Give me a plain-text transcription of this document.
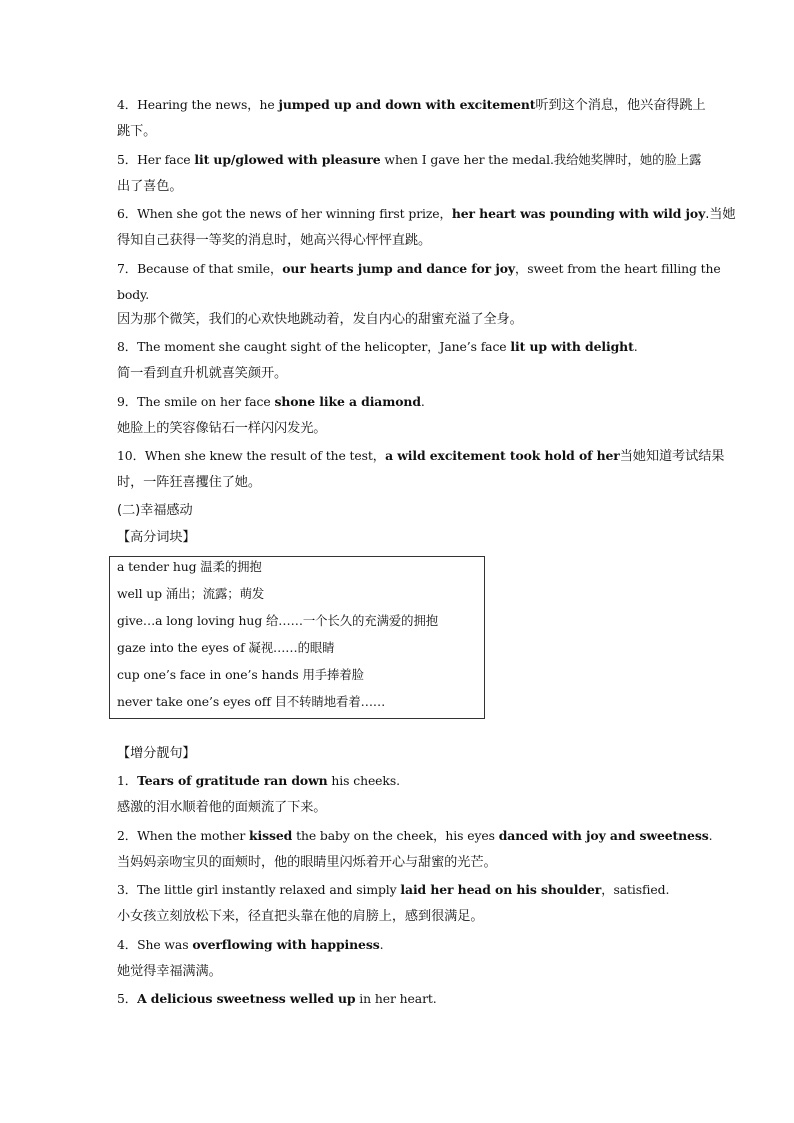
4．Hearing the news，he jumped up and down with excitement听到这个消息，他兴奋得跳上
跳下。
5．Her face lit up/glowed with pleasure when I gave her the medal.我给她奖牌时，她的脸上露
出了喜色。
6．When she got the news of her winning first prize，her heart was pounding with wild joy.当她
得知自己获得一等奖的消息时，她高兴得心怦怦直跳。
7．Because of that smile，our hearts jump and dance for joy，sweet from the heart filling the
body.
因为那个微笑，我们的心欢快地跳动着，发自内心的甜蜜充溢了全身。
8．The moment she caught sight of the helicopter，Jane’s face lit up with delight.
简一看到直升机就喜笑颜开。
9．The smile on her face shone like a diamond.
她脸上的笑容像钻石一样闪闪发光。
10．When she knew the result of the test，a wild excitement took hold of her当她知道考试结果
时，一阵狂喜攫住了她。
(二)幸福感动
【高分词块】
a tender hug 温柔的拥抱
well up 涌出；流露；萌发
give…a long loving hug 给……一个长久的充满爱的拥抱
gaze into the eyes of 凝视……的眼睛
cup one’s face in one’s hands 用手捧着脸
never take one’s eyes off 目不转睛地看着……
【增分靓句】
1．Tears of gratitude ran down his cheeks.
感激的泪水顺着他的面颊流了下来。
2．When the mother kissed the baby on the cheek，his eyes danced with joy and sweetness.
当妈妈亲吻宝贝的面颊时，他的眼睛里闪烁着开心与甜蜜的光芒。
3．The little girl instantly relaxed and simply laid her head on his shoulder，satisfied.
小女孩立刻放松下来，径直把头靠在他的肩膀上，感到很满足。
4．She was overflowing with happiness.
她觉得幸福满满。
5．A delicious sweetness welled up in her heart.
